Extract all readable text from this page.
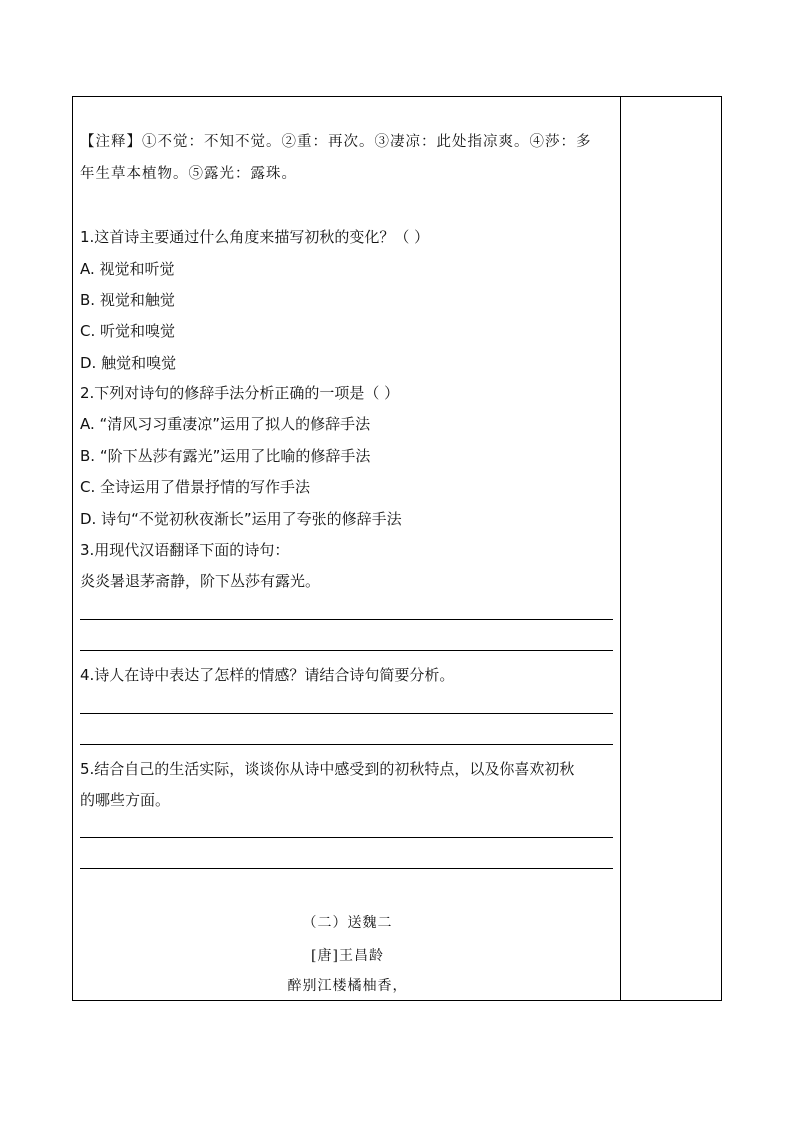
【注释】①不觉：不知不觉。②重：再次。③凄凉：此处指凉爽。④莎：多
年生草本植物。⑤露光：露珠。
1.这首诗主要通过什么角度来描写初秋的变化？（ ）
A. 视觉和听觉
B. 视觉和触觉
C. 听觉和嗅觉
D. 触觉和嗅觉
2.下列对诗句的修辞手法分析正确的一项是（ ）
A. “清风习习重凄凉”运用了拟人的修辞手法
B. “阶下丛莎有露光”运用了比喻的修辞手法
C. 全诗运用了借景抒情的写作手法
D. 诗句“不觉初秋夜渐长”运用了夸张的修辞手法
3.用现代汉语翻译下面的诗句：
炎炎暑退茅斋静，阶下丛莎有露光。
4.诗人在诗中表达了怎样的情感？请结合诗句简要分析。
5.结合自己的生活实际，谈谈你从诗中感受到的初秋特点，以及你喜欢初秋
的哪些方面。
（二）送魏二
[唐]王昌龄
醉别江楼橘柚香，
